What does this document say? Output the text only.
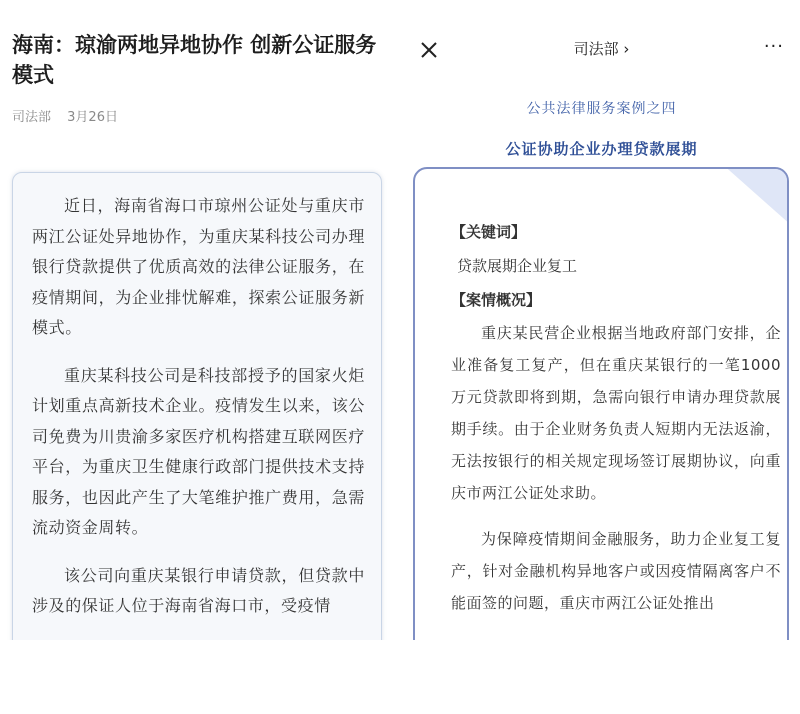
海南：琼渝两地异地协作 创新公证服务模式
司法部 3月26日

近日，海南省海口市琼州公证处与重庆市两江公证处异地协作，为重庆某科技公司办理银行贷款提供了优质高效的法律公证服务，在疫情期间，为企业排忧解难，探索公证服务新模式。

重庆某科技公司是科技部授予的国家火炬计划重点高新技术企业。疫情发生以来，该公司免费为川贵渝多家医疗机构搭建互联网医疗平台，为重庆卫生健康行政部门提供技术支持服务，也因此产生了大笔维护推广费用，急需流动资金周转。

该公司向重庆某银行申请贷款，但贷款中涉及的保证人位于海南省海口市，受疫情

司法部 ›	···
公共法律服务案例之四
公证协助企业办理贷款展期

【关键词】

贷款展期企业复工

【案情概况】

重庆某民营企业根据当地政府部门安排，企业准备复工复产，但在重庆某银行的一笔1000万元贷款即将到期，急需向银行申请办理贷款展期手续。由于企业财务负责人短期内无法返渝，无法按银行的相关规定现场签订展期协议，向重庆市两江公证处求助。

为保障疫情期间金融服务，助力企业复工复产，针对金融机构异地客户或因疫情隔离客户不能面签的问题，重庆市两江公证处推出
